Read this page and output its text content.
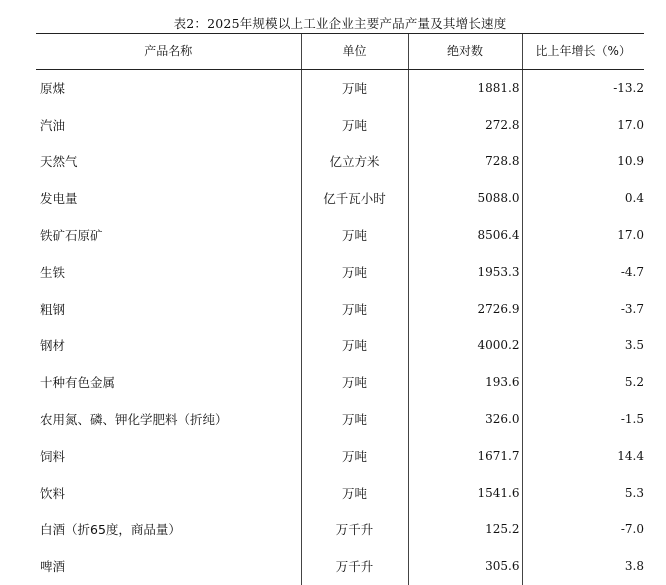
表2：2025年规模以上工业企业主要产品产量及其增长速度
产品名称	单位	绝对数	比上年增长（%）
原煤	万吨	1881.8	-13.2
汽油	万吨	272.8	17.0
天然气	亿立方米	728.8	10.9
发电量	亿千瓦小时	5088.0	0.4
铁矿石原矿	万吨	8506.4	17.0
生铁	万吨	1953.3	-4.7
粗钢	万吨	2726.9	-3.7
钢材	万吨	4000.2	3.5
十种有色金属	万吨	193.6	5.2
农用氮、磷、钾化学肥料（折纯）	万吨	326.0	-1.5
饲料	万吨	1671.7	14.4
饮料	万吨	1541.6	5.3
白酒（折65度，商品量）	万千升	125.2	-7.0
啤酒	万千升	305.6	3.8
